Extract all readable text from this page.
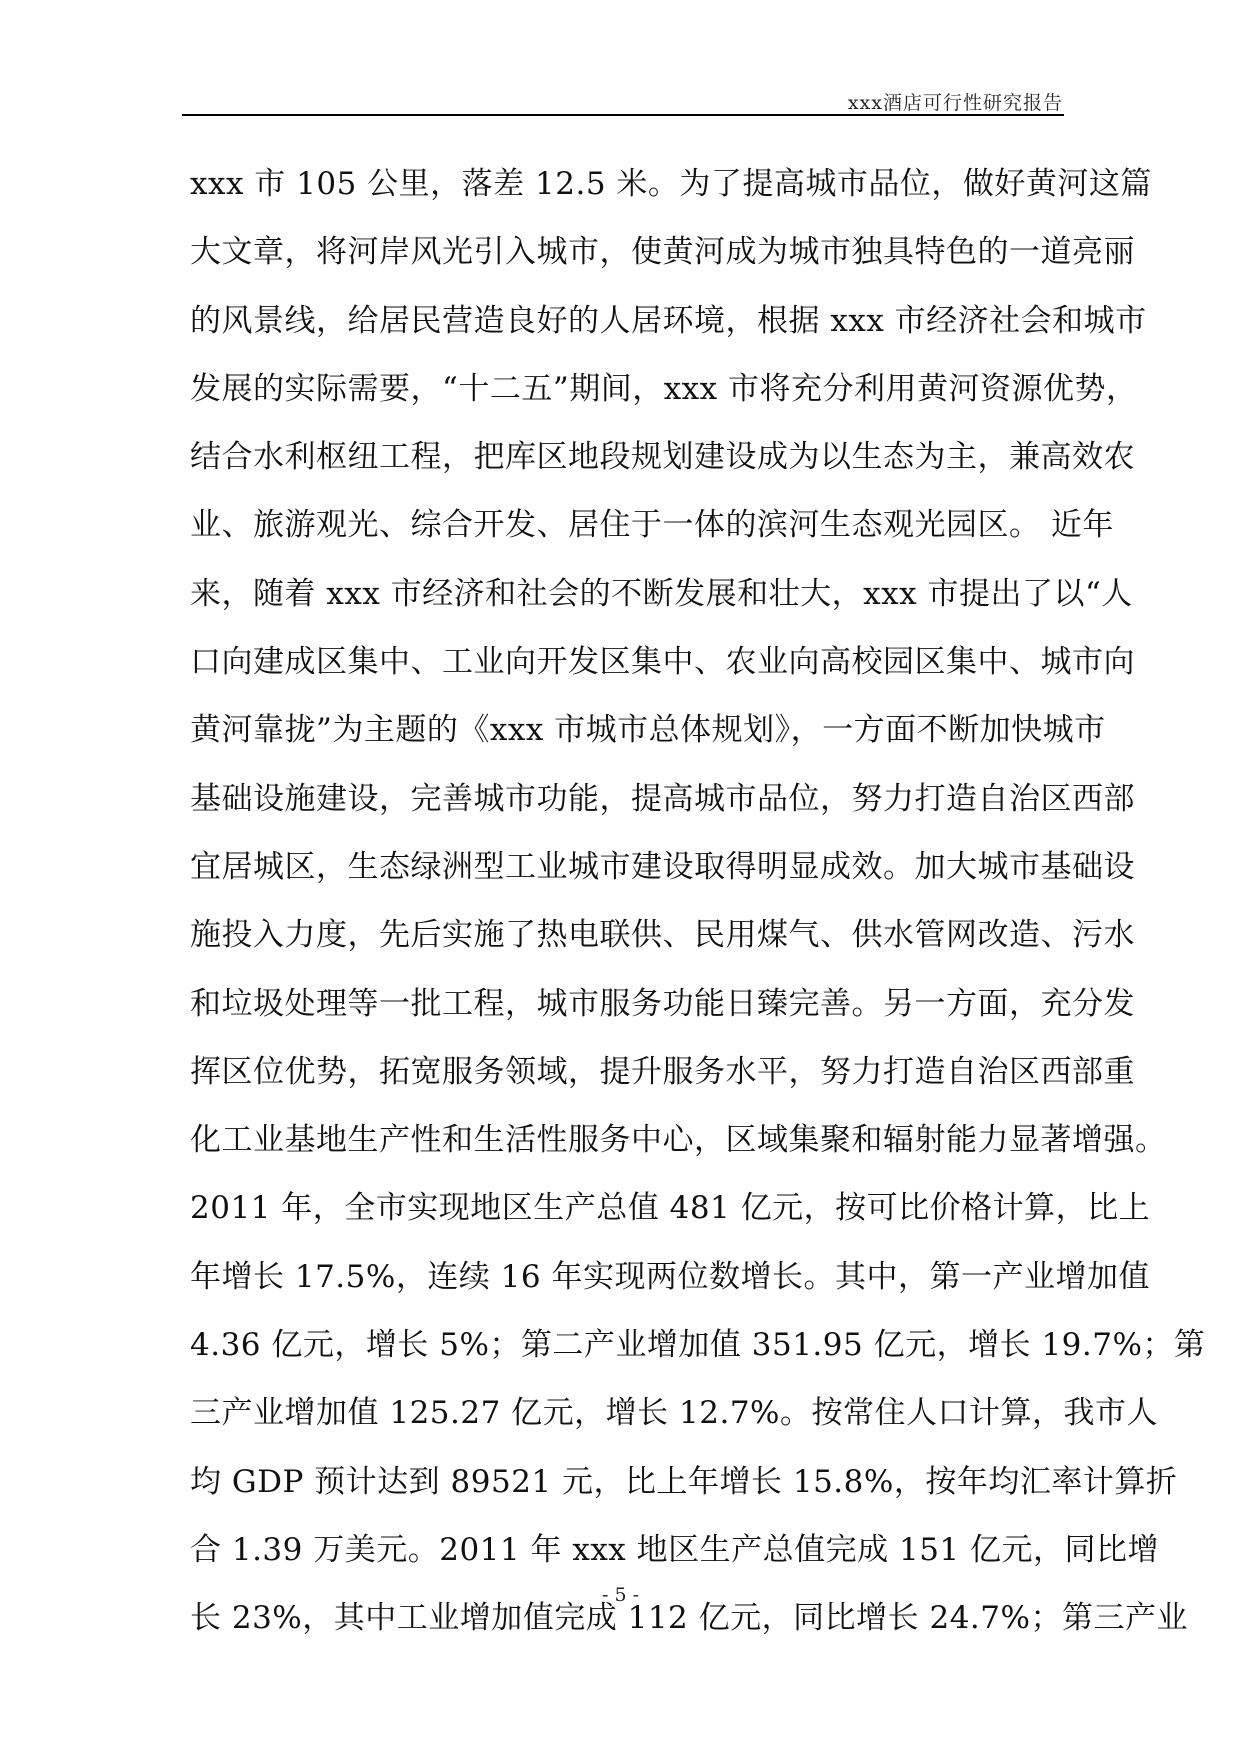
xxx酒店可行性研究报告
xxx 市 105 公里，落差 12.5 米。为了提高城市品位，做好黄河这篇
大文章，将河岸风光引入城市，使黄河成为城市独具特色的一道亮丽
的风景线，给居民营造良好的人居环境，根据 xxx 市经济社会和城市
发展的实际需要，“十二五”期间，xxx 市将充分利用黄河资源优势，
结合水利枢纽工程，把库区地段规划建设成为以生态为主，兼高效农
业、旅游观光、综合开发、居住于一体的滨河生态观光园区。 近年
来，随着 xxx 市经济和社会的不断发展和壮大，xxx 市提出了以“人
口向建成区集中、工业向开发区集中、农业向高校园区集中、城市向
黄河靠拢”为主题的《xxx 市城市总体规划》，一方面不断加快城市
基础设施建设，完善城市功能，提高城市品位，努力打造自治区西部
宜居城区，生态绿洲型工业城市建设取得明显成效。加大城市基础设
施投入力度，先后实施了热电联供、民用煤气、供水管网改造、污水
和垃圾处理等一批工程，城市服务功能日臻完善。另一方面，充分发
挥区位优势，拓宽服务领域，提升服务水平，努力打造自治区西部重
化工业基地生产性和生活性服务中心，区域集聚和辐射能力显著增强。
2011 年，全市实现地区生产总值 481 亿元，按可比价格计算，比上
年增长 17.5%，连续 16 年实现两位数增长。其中，第一产业增加值
4.36 亿元，增长 5%；第二产业增加值 351.95 亿元，增长 19.7%；第
三产业增加值 125.27 亿元，增长 12.7%。按常住人口计算，我市人
均 GDP 预计达到 89521 元，比上年增长 15.8%，按年均汇率计算折
合 1.39 万美元。2011 年 xxx 地区生产总值完成 151 亿元，同比增
长 23%，其中工业增加值完成 112 亿元，同比增长 24.7%；第三产业
- 5 -
